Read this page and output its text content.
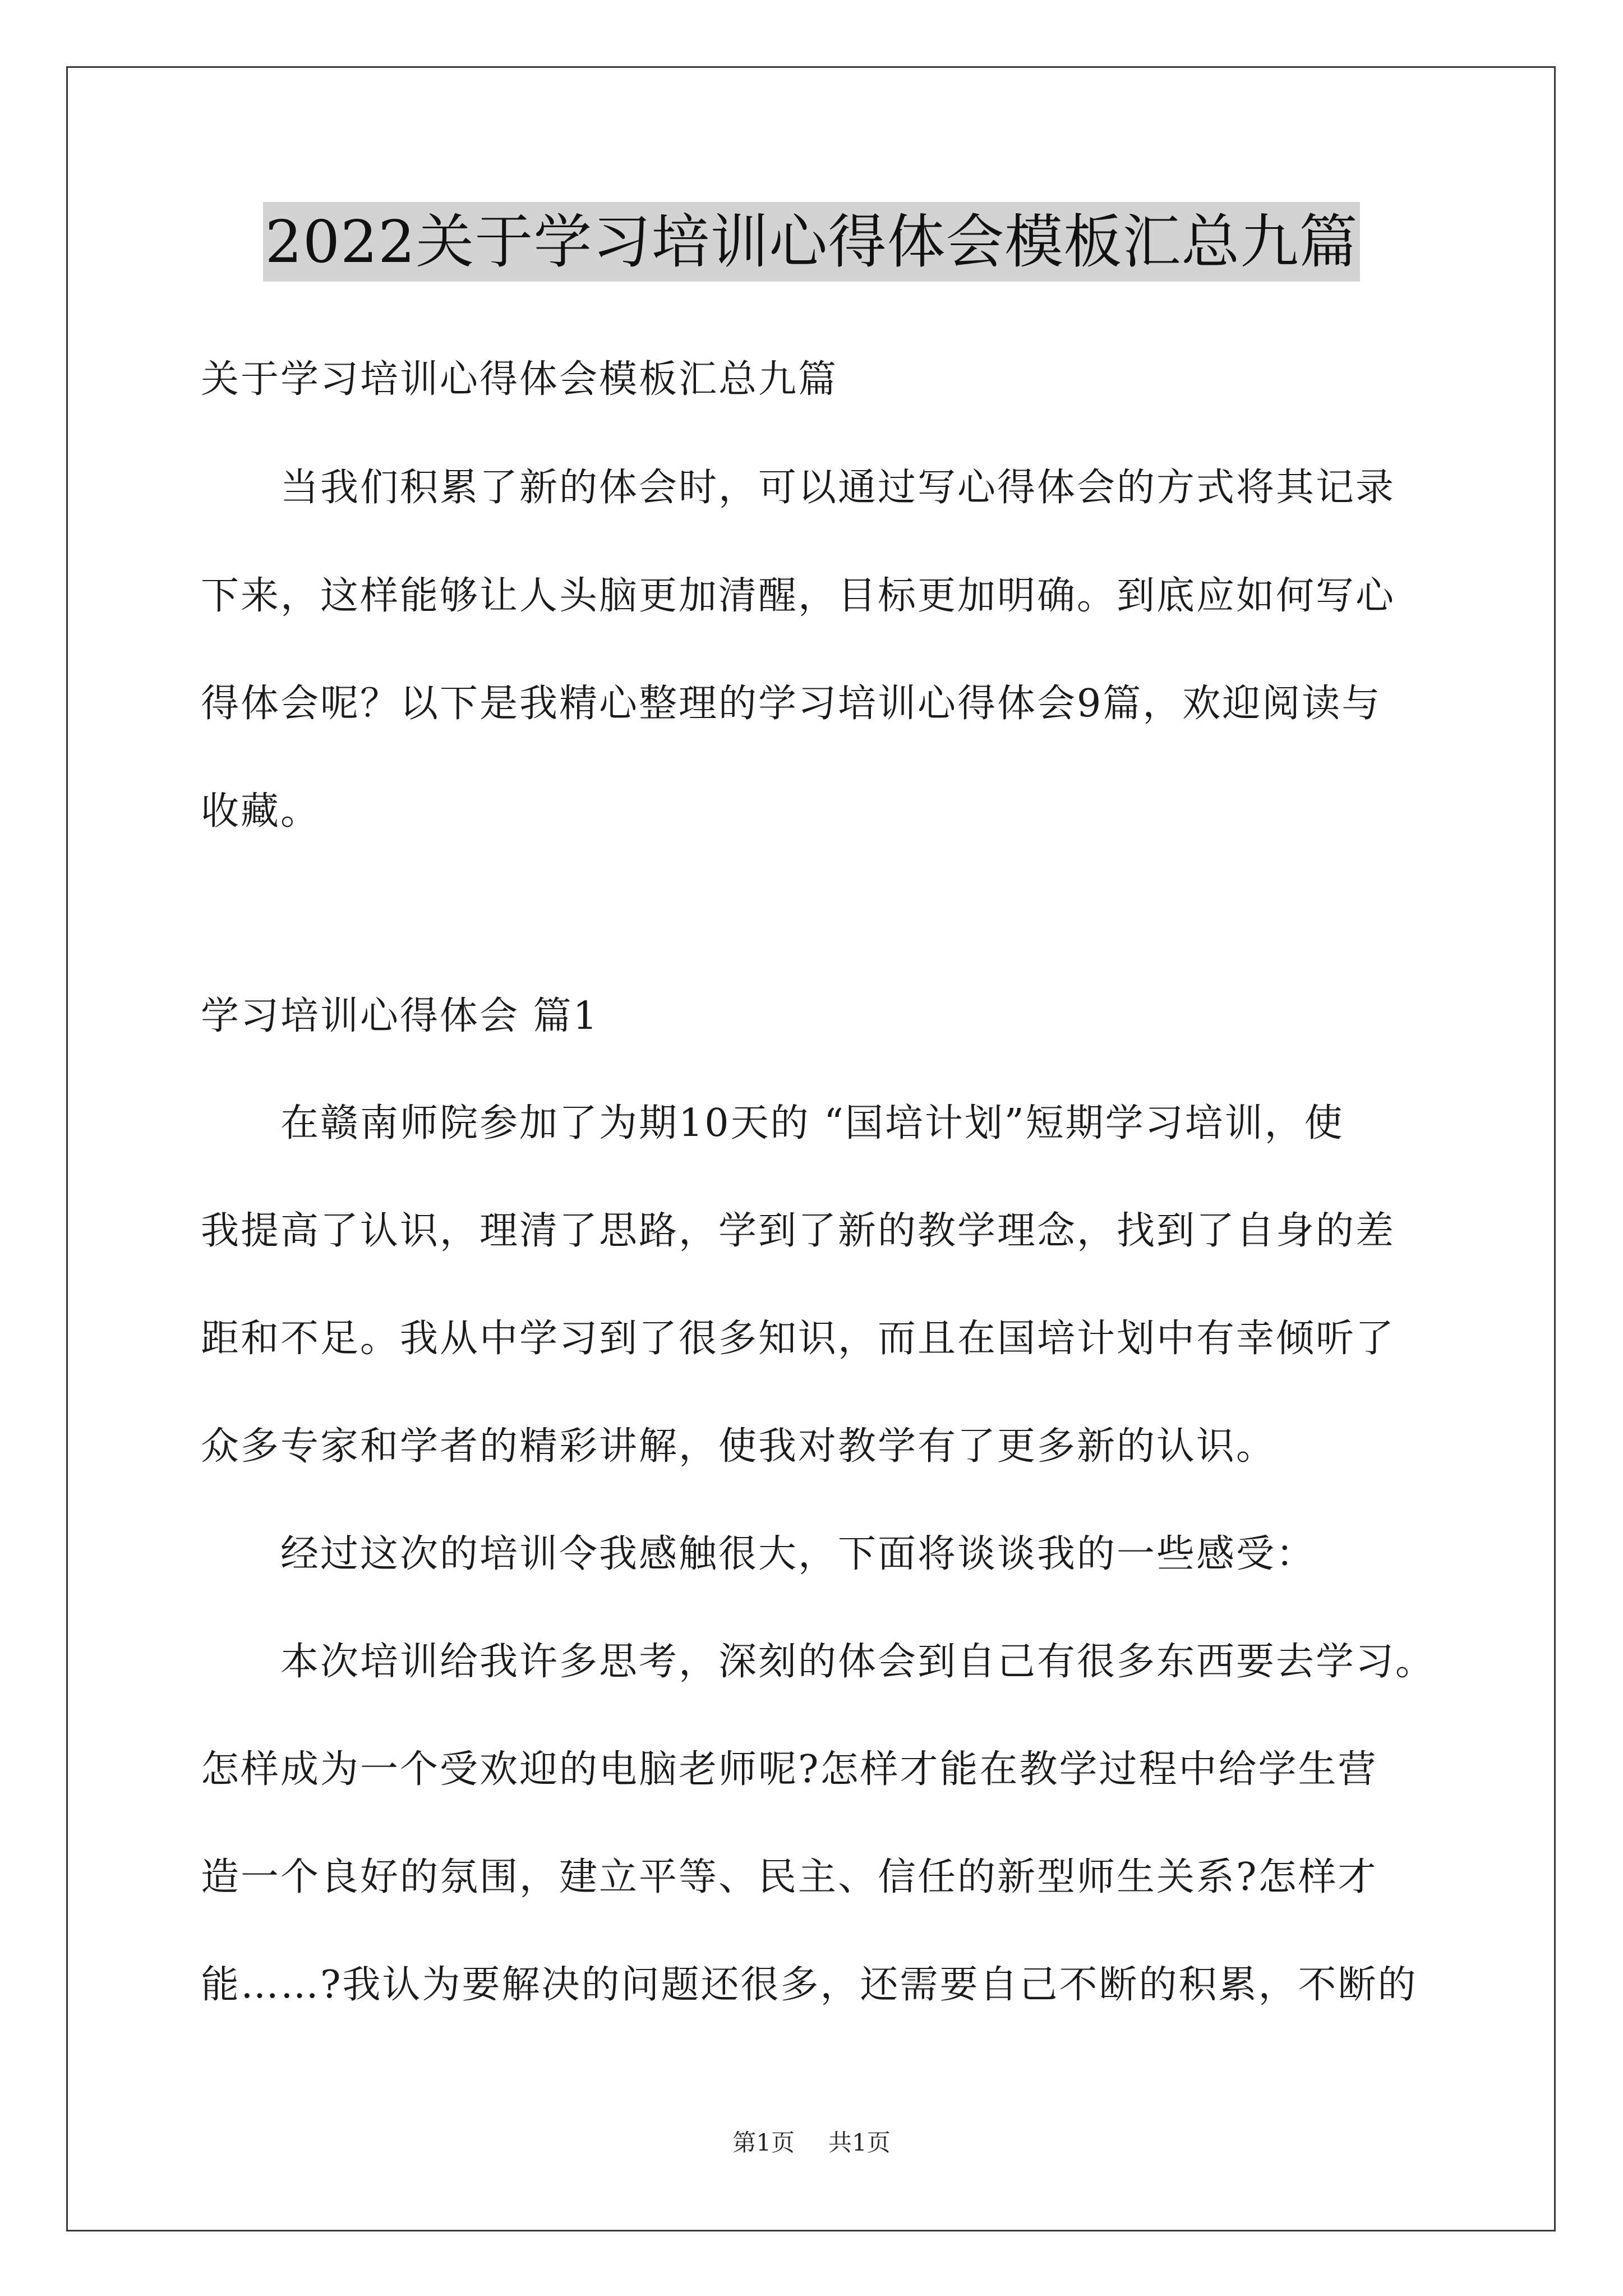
2022关于学习培训心得体会模板汇总九篇
关于学习培训心得体会模板汇总九篇
当我们积累了新的体会时，可以通过写心得体会的方式将其记录
下来，这样能够让人头脑更加清醒，目标更加明确。到底应如何写心
得体会呢？以下是我精心整理的学习培训心得体会9篇，欢迎阅读与
收藏。
学习培训心得体会 篇1
在赣南师院参加了为期10天的 “国培计划”短期学习培训，使
我提高了认识，理清了思路，学到了新的教学理念，找到了自身的差
距和不足。我从中学习到了很多知识，而且在国培计划中有幸倾听了
众多专家和学者的精彩讲解，使我对教学有了更多新的认识。
经过这次的培训令我感触很大，下面将谈谈我的一些感受：
本次培训给我许多思考，深刻的体会到自己有很多东西要去学习。
怎样成为一个受欢迎的电脑老师呢?怎样才能在教学过程中给学生营
造一个良好的氛围，建立平等、民主、信任的新型师生关系?怎样才
能……?我认为要解决的问题还很多，还需要自己不断的积累，不断的
第1页 共1页
